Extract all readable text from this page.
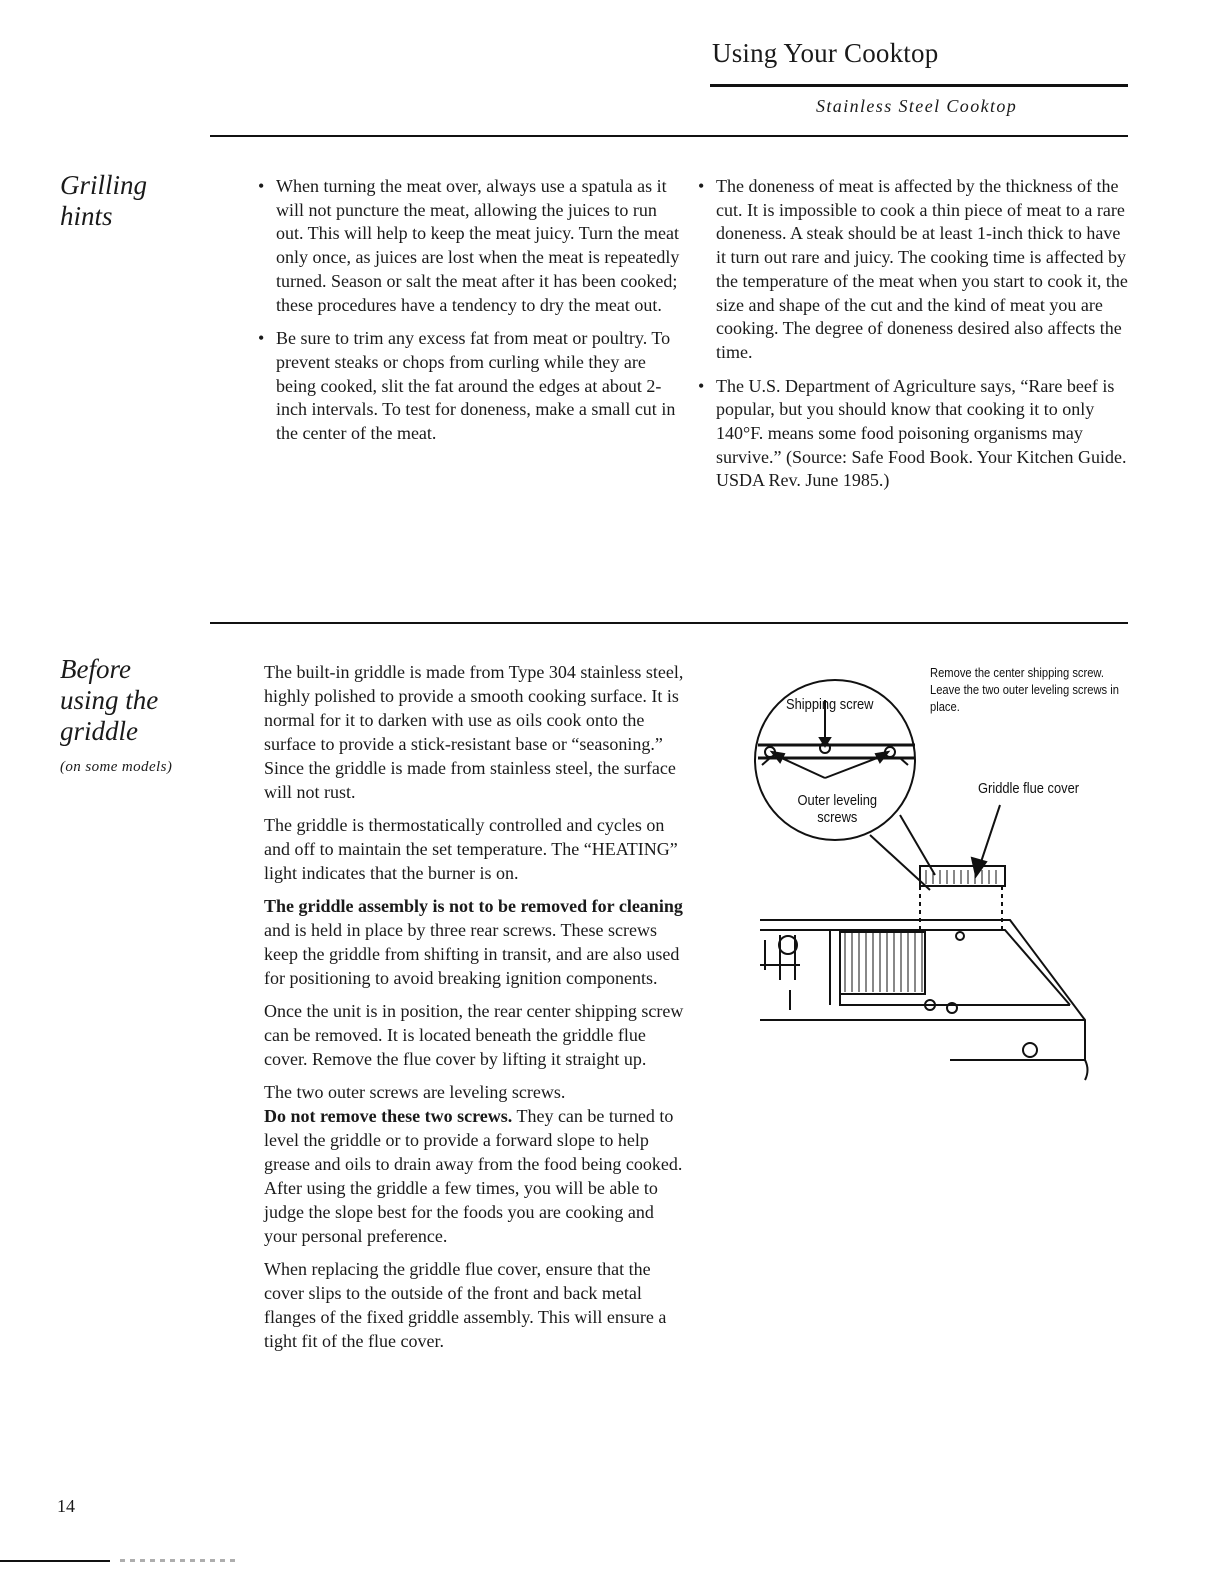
Using Your Cooktop
Stainless Steel Cooktop
Grilling
hints
• When turning the meat over, always use a spatula as it will not puncture the meat, allowing the juices to run out. This will help to keep the meat juicy. Turn the meat only once, as juices are lost when the meat is repeatedly turned. Season or salt the meat after it has been cooked; these procedures have a tendency to dry the meat out.
• Be sure to trim any excess fat from meat or poultry. To prevent steaks or chops from curling while they are being cooked, slit the fat around the edges at about 2-inch intervals. To test for doneness, make a small cut in the center of the meat.
• The doneness of meat is affected by the thickness of the cut. It is impossible to cook a thin piece of meat to a rare doneness. A steak should be at least 1-inch thick to have it turn out rare and juicy. The cooking time is affected by the temperature of the meat when you start to cook it, the size and shape of the cut and the kind of meat you are cooking. The degree of doneness desired also affects the time.
• The U.S. Department of Agriculture says, “Rare beef is popular, but you should know that cooking it to only 140°F. means some food poisoning organisms may survive.” (Source: Safe Food Book. Your Kitchen Guide. USDA Rev. June 1985.)
Before
using the
griddle
(on some models)

The built-in griddle is made from Type 304 stainless steel, highly polished to provide a smooth cooking surface. It is normal for it to darken with use as oils cook onto the surface to provide a stick-resistant base or “seasoning.” Since the griddle is made from stainless steel, the surface will not rust.

The griddle is thermostatically controlled and cycles on and off to maintain the set temperature. The “HEATING” light indicates that the burner is on.

The griddle assembly is not to be removed for cleaning and is held in place by three rear screws. These screws keep the griddle from shifting in transit, and are also used for positioning to avoid breaking ignition components.

Once the unit is in position, the rear center shipping screw can be removed. It is located beneath the griddle flue cover. Remove the flue cover by lifting it straight up.

The two outer screws are leveling screws.
Do not remove these two screws. They can be turned to level the griddle or to provide a forward slope to help grease and oils to drain away from the food being cooked. After using the griddle a few times, you will be able to judge the slope best for the foods you are cooking and your personal preference.

When replacing the griddle flue cover, ensure that the cover slips to the outside of the front and back metal flanges of the fixed griddle assembly. This will ensure a tight fit of the flue cover.

Remove the center shipping screw. Leave the two outer leveling screws in place.
Shipping screw
Outer leveling screws
Griddle flue cover
14
